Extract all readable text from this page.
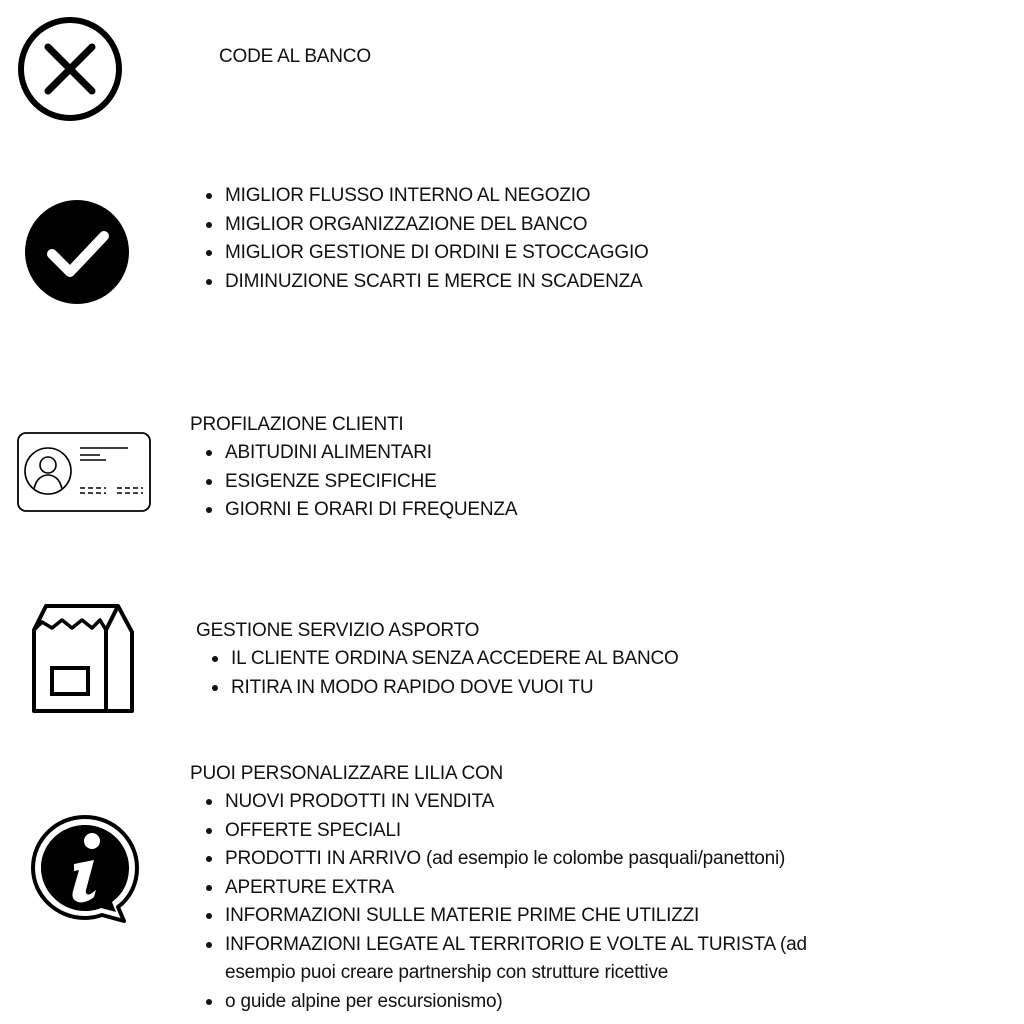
CODE AL BANCO
MIGLIOR FLUSSO INTERNO AL NEGOZIO
MIGLIOR ORGANIZZAZIONE DEL BANCO
MIGLIOR GESTIONE DI ORDINI E STOCCAGGIO
DIMINUZIONE SCARTI E MERCE IN SCADENZA
PROFILAZIONE CLIENTI
ABITUDINI ALIMENTARI
ESIGENZE SPECIFICHE
GIORNI E ORARI DI FREQUENZA
GESTIONE SERVIZIO ASPORTO
IL CLIENTE ORDINA SENZA ACCEDERE AL BANCO
RITIRA IN MODO RAPIDO DOVE VUOI TU
PUOI PERSONALIZZARE LILIA CON
NUOVI PRODOTTI IN VENDITA
OFFERTE SPECIALI
PRODOTTI IN ARRIVO (ad esempio le colombe pasquali/panettoni)
APERTURE EXTRA
INFORMAZIONI SULLE MATERIE PRIME CHE UTILIZZI
INFORMAZIONI LEGATE AL TERRITORIO E VOLTE AL TURISTA (ad
esempio puoi creare partnership con strutture ricettive
o guide alpine per escursionismo)
